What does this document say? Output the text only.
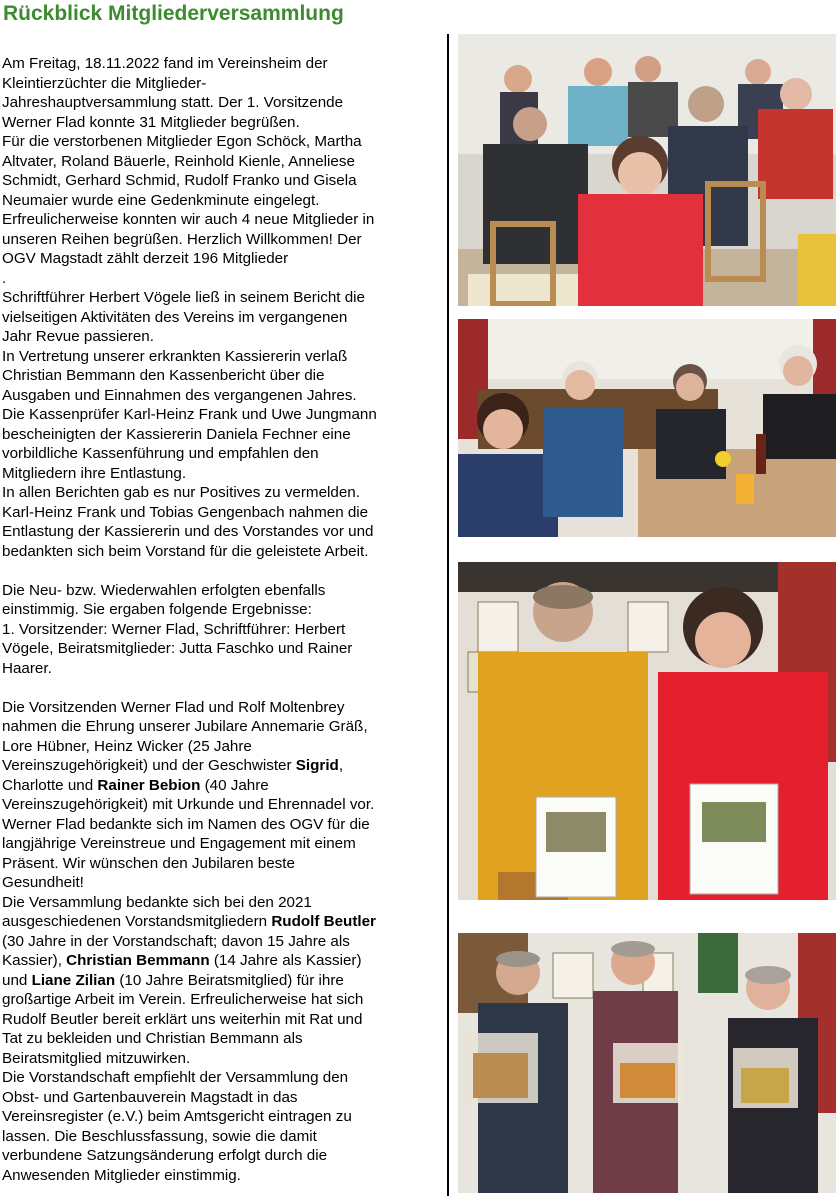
Rückblick Mitgliederversammlung

Am Freitag, 18.11.2022 fand im Vereinsheim der

Kleintierzüchter die Mitglieder-

Jahreshauptversammlung statt. Der 1. Vorsitzende

Werner Flad konnte 31 Mitglieder begrüßen.

Für die verstorbenen Mitglieder Egon Schöck, Martha

Altvater, Roland Bäuerle, Reinhold Kienle, Anneliese

Schmidt, Gerhard Schmid, Rudolf Franko und Gisela

Neumaier wurde eine Gedenkminute eingelegt.

Erfreulicherweise konnten wir auch 4 neue Mitglieder in

unseren Reihen begrüßen. Herzlich Willkommen! Der

OGV Magstadt zählt derzeit 196 Mitglieder

.

Schriftführer Herbert Vögele ließ in seinem Bericht die

vielseitigen Aktivitäten des Vereins im vergangenen

Jahr Revue passieren.

In Vertretung unserer erkrankten Kassiererin verlaß

Christian Bemmann den Kassenbericht über die

Ausgaben und Einnahmen des vergangenen Jahres.

Die Kassenprüfer Karl-Heinz Frank und Uwe Jungmann

bescheinigten der Kassiererin Daniela Fechner eine

vorbildliche Kassenführung und empfahlen den

Mitgliedern ihre Entlastung.

In allen Berichten gab es nur Positives zu vermelden.

Karl-Heinz Frank und Tobias Gengenbach nahmen die

Entlastung der Kassiererin und des Vorstandes vor und

bedankten sich beim Vorstand für die geleistete Arbeit.

Die Neu- bzw. Wiederwahlen erfolgten ebenfalls

einstimmig. Sie ergaben folgende Ergebnisse:

1. Vorsitzender: Werner Flad, Schriftführer: Herbert

Vögele, Beiratsmitglieder: Jutta Faschko und Rainer

Haarer.

Die Vorsitzenden Werner Flad und Rolf Moltenbrey

nahmen die Ehrung unserer Jubilare Annemarie Gräß,

Lore Hübner, Heinz Wicker (25 Jahre

Vereinszugehörigkeit) und der Geschwister Sigrid,

Charlotte und Rainer Bebion (40 Jahre

Vereinszugehörigkeit) mit Urkunde und Ehrennadel vor.

Werner Flad bedankte sich im Namen des OGV für die

langjährige Vereinstreue und Engagement mit einem

Präsent. Wir wünschen den Jubilaren beste

Gesundheit!

Die Versammlung bedankte sich bei den 2021

ausgeschiedenen Vorstandsmitgliedern Rudolf Beutler

(30 Jahre in der Vorstandschaft; davon 15 Jahre als

Kassier), Christian Bemmann (14 Jahre als Kassier)

und Liane Zilian (10 Jahre Beiratsmitglied) für ihre

großartige Arbeit im Verein. Erfreulicherweise hat sich

Rudolf Beutler bereit erklärt uns weiterhin mit Rat und

Tat zu bekleiden und Christian Bemmann als

Beiratsmitglied mitzuwirken.

Die Vorstandschaft empfiehlt der Versammlung den

Obst- und Gartenbauverein Magstadt in das

Vereinsregister (e.V.) beim Amtsgericht eintragen zu

lassen. Die Beschlussfassung, sowie die damit

verbundene Satzungsänderung erfolgt durch die

Anwesenden Mitglieder einstimmig.
